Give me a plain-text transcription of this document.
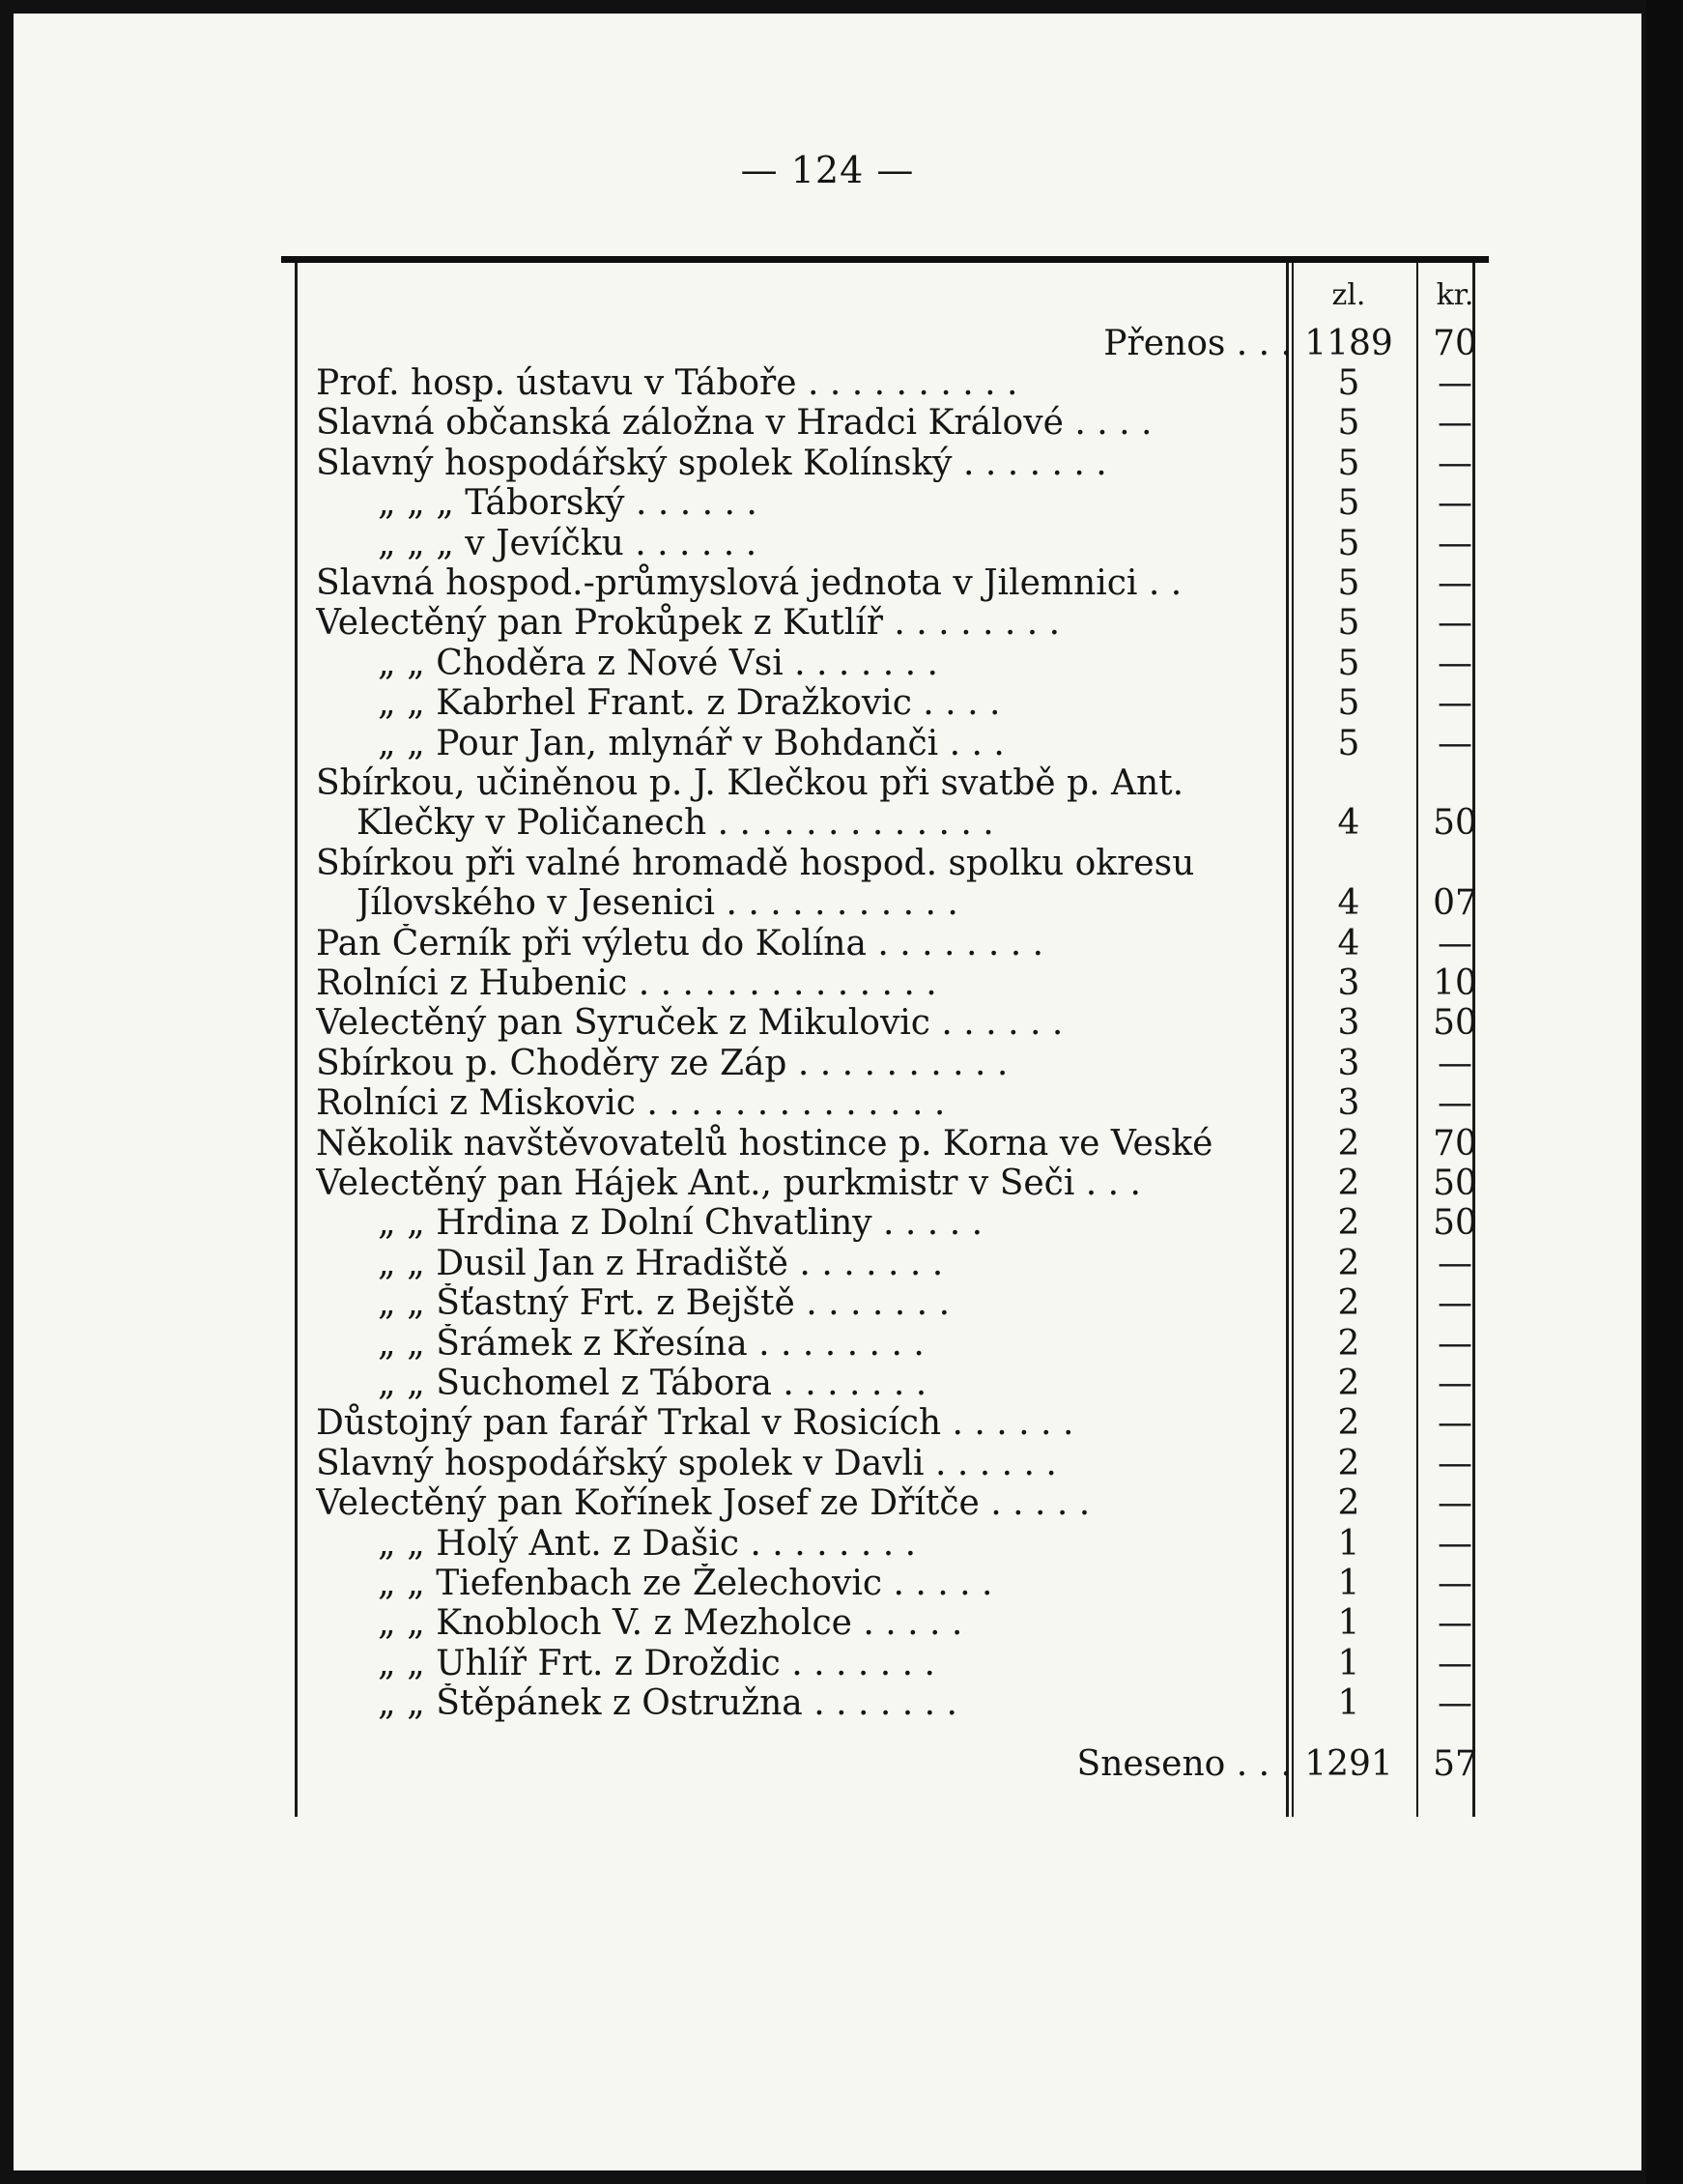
— 124 —
zl.	kr.
Přenos . . . 1189	70
Prof. hosp. ústavu v Táboře . . . . . . . . . .	5	—
Slavná občanská záložna v Hradci Králové . . . .	5	—
Slavný hospodářský spolek Kolínský . . . . . . .	5	—
„ „ „ Táborský . . . . . .	5	—
„ „ „ v Jevíčku . . . . . .	5	—
Slavná hospod.-průmyslová jednota v Jilemnici . .	5	—
Velectěný pan Prokůpek z Kutlíř . . . . . . . .	5	—
„ „ Choděra z Nové Vsi . . . . . . .	5	—
„ „ Kabrhel Frant. z Dražkovic . . . .	5	—
„ „ Pour Jan, mlynář v Bohdanči . . .	5	—
Sbírkou, učiněnou p. J. Klečkou při svatbě p. Ant.
Klečky v Poličanech . . . . . . . . . . . . .	4	50
Sbírkou při valné hromadě hospod. spolku okresu
Jílovského v Jesenici . . . . . . . . . . .	4	07
Pan Černík při výletu do Kolína . . . . . . . .	4	—
Rolníci z Hubenic . . . . . . . . . . . . . .	3	10
Velectěný pan Syruček z Mikulovic . . . . . .	3	50
Sbírkou p. Choděry ze Záp . . . . . . . . . .	3	—
Rolníci z Miskovic . . . . . . . . . . . . . .	3	—
Několik navštěvovatelů hostince p. Korna ve Veské	2	70
Velectěný pan Hájek Ant., purkmistr v Seči . . .	2	50
„ „ Hrdina z Dolní Chvatliny . . . . .	2	50
„ „ Dusil Jan z Hradiště . . . . . . .	2	—
„ „ Šťastný Frt. z Bejště . . . . . . .	2	—
„ „ Šrámek z Křesína . . . . . . . .	2	—
„ „ Suchomel z Tábora . . . . . . .	2	—
Důstojný pan farář Trkal v Rosicích . . . . . .	2	—
Slavný hospodářský spolek v Davli . . . . . .	2	—
Velectěný pan Kořínek Josef ze Dřítče . . . . .	2	—
„ „ Holý Ant. z Dašic . . . . . . . .	1	—
„ „ Tiefenbach ze Želechovic . . . . .	1	—
„ „ Knobloch V. z Mezholce . . . . .	1	—
„ „ Uhlíř Frt. z Droždic . . . . . . .	1	—
„ „ Štěpánek z Ostružna . . . . . . .	1	—
Sneseno . . . 1291	57
